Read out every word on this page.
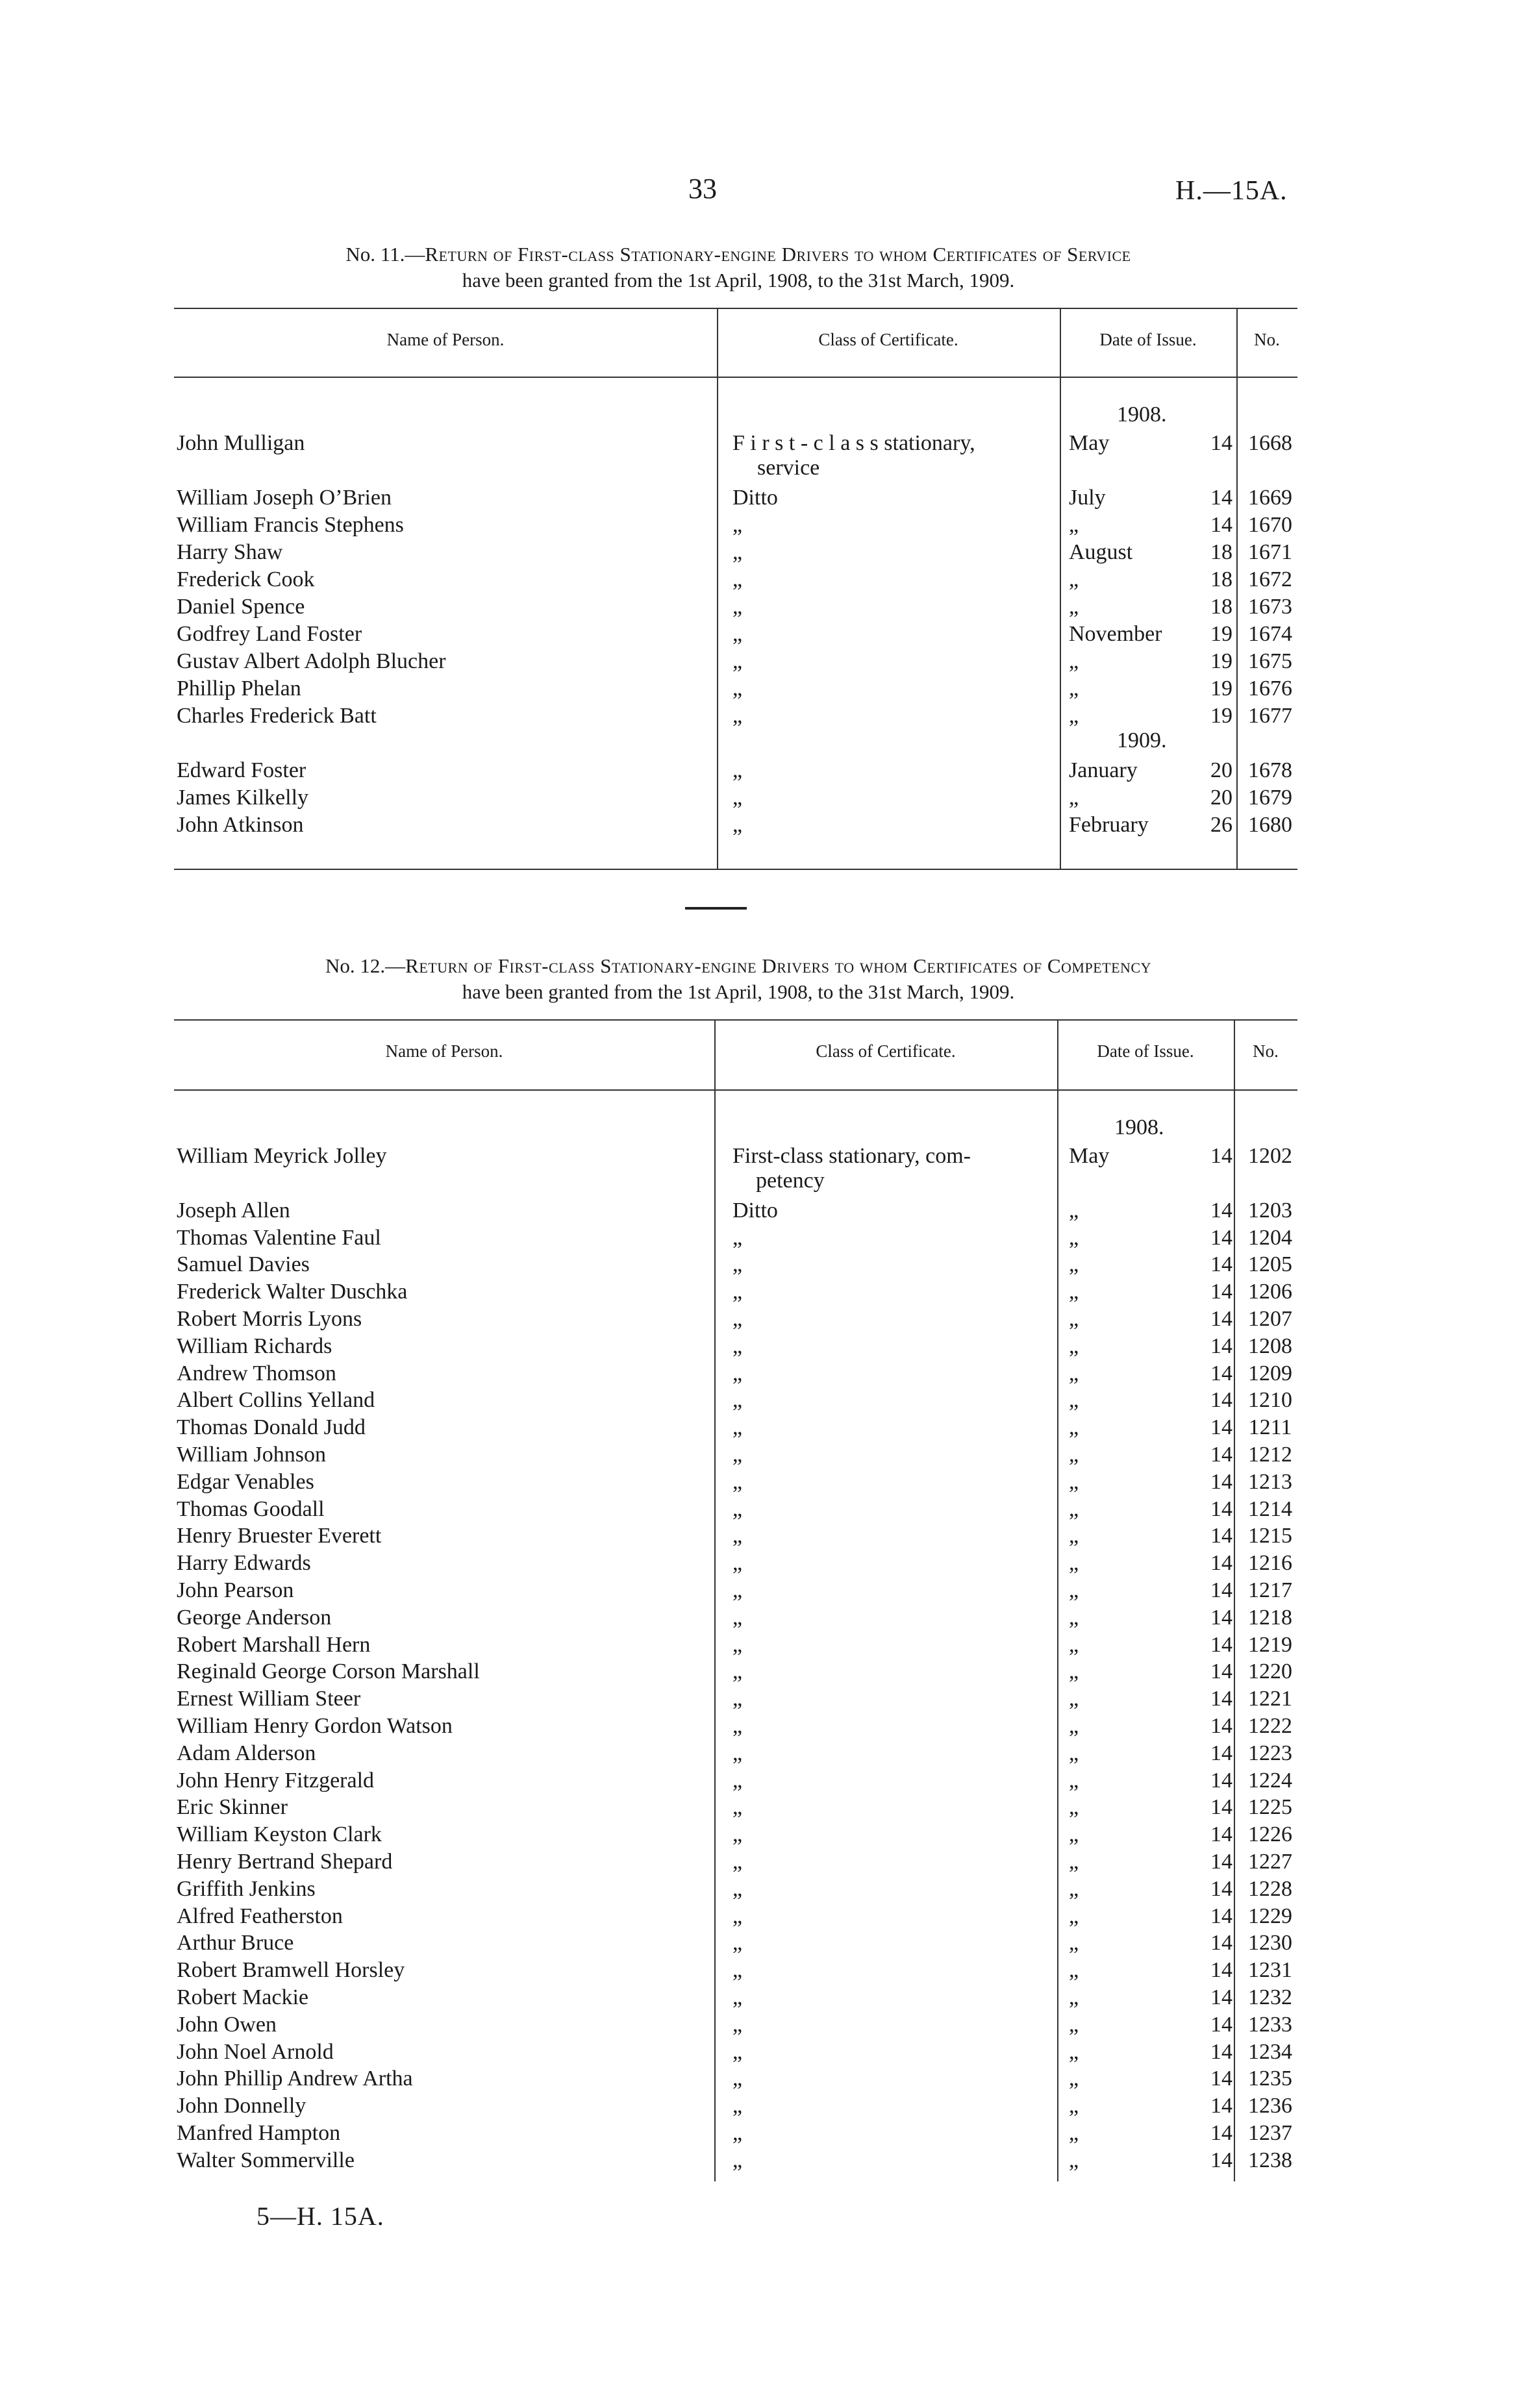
33	H.—15A.
No. 11.—Return of First-class Stationary-engine Drivers to whom Certificates of Service
have been granted from the 1st April, 1908, to the 31st March, 1909.
Name of Person.	Class of Certificate.	Date of Issue.	No.
1908.
service
1909.
John Mulligan	F i r s t - c l a s s stationary,	May	14 1668
William Joseph O’Brien	Ditto	July	14 1669
William Francis Stephens	„	„	14 1670
Harry Shaw	„	August	18 1671
Frederick Cook	„	„	18 1672
Daniel Spence	„	„	18 1673
Godfrey Land Foster	„	November	19 1674
Gustav Albert Adolph Blucher	„	„	19 1675
Phillip Phelan	„	„	19 1676
Charles Frederick Batt	„	„	19 1677
Edward Foster	„	January	20 1678
James Kilkelly	„	„	20 1679
John Atkinson	„	February	26 1680
No. 12.—Return of First-class Stationary-engine Drivers to whom Certificates of Competency
have been granted from the 1st April, 1908, to the 31st March, 1909.
Name of Person.	Class of Certificate.	Date of Issue.	No.
1908.
petency
William Meyrick Jolley	First-class stationary, com-	May	14 1202
Joseph Allen	Ditto	„	14 1203
Thomas Valentine Faul	„	„	14 1204
Samuel Davies	„	„	14 1205
Frederick Walter Duschka	„	„	14 1206
Robert Morris Lyons	„	„	14 1207
William Richards	„	„	14 1208
Andrew Thomson	„	„	14 1209
Albert Collins Yelland	„	„	14 1210
Thomas Donald Judd	„	„	14 1211
William Johnson	„	„	14 1212
Edgar Venables	„	„	14 1213
Thomas Goodall	„	„	14 1214
Henry Bruester Everett	„	„	14 1215
Harry Edwards	„	„	14 1216
John Pearson	„	„	14 1217
George Anderson	„	„	14 1218
Robert Marshall Hern	„	„	14 1219
Reginald George Corson Marshall	„	„	14 1220
Ernest William Steer	„	„	14 1221
William Henry Gordon Watson	„	„	14 1222
Adam Alderson	„	„	14 1223
John Henry Fitzgerald	„	„	14 1224
Eric Skinner	„	„	14 1225
William Keyston Clark	„	„	14 1226
Henry Bertrand Shepard	„	„	14 1227
Griffith Jenkins	„	„	14 1228
Alfred Featherston	„	„	14 1229
Arthur Bruce	„	„	14 1230
Robert Bramwell Horsley	„	„	14 1231
Robert Mackie	„	„	14 1232
John Owen	„	„	14 1233
John Noel Arnold	„	„	14 1234
John Phillip Andrew Artha	„	„	14 1235
John Donnelly	„	„	14 1236
Manfred Hampton	„	„	14 1237
Walter Sommerville	„	„	14 1238
5—H. 15A.
